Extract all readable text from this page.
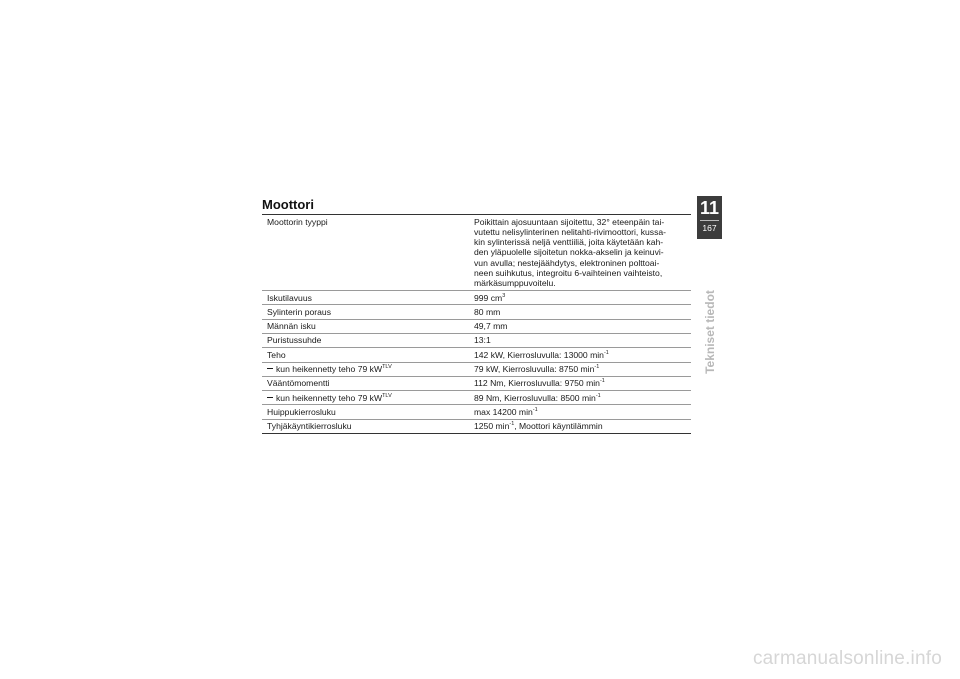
Moottori
Moottorin tyyppi	Poikittain ajosuuntaan sijoitettu, 32° eteenpäin tai-
vutettu nelisylinterinen nelitahti-rivimoottori, kussa-
kin sylinterissä neljä venttiiliä, joita käytetään kah-
den yläpuolelle sijoitetun nokka-akselin ja keinuvi-
vun avulla; nestejäähdytys, elektroninen polttoai-
neen suihkutus, integroitu 6-vaihteinen vaihteisto,
märkäsumppuvoitelu.
Iskutilavuus	999 $cm^3$
Sylinterin poraus	80 mm
Männän isku	49,7 mm
Puristussuhde	13:1
Teho	142 kW, Kierrosluvulla: 13000 $\min^{-1}$
kun heikennetty teho 79 $kW^{TLV}$	79 kW, Kierrosluvulla: 8750 $\min^{-1}$
Vääntömomentti	112 Nm, Kierrosluvulla: 9750 $\min^{-1}$
kun heikennetty teho 79 $kW^{TLV}$	89 Nm, Kierrosluvulla: 8500 $\min^{-1}$
Huippukierrosluku	max 14200 $\min^{-1}$
Tyhjäkäyntikierrosluku	1250 $\min^{-1}$, Moottori käyntilämmin
11
167
Tekniset tiedot
carmanualsonline.info
